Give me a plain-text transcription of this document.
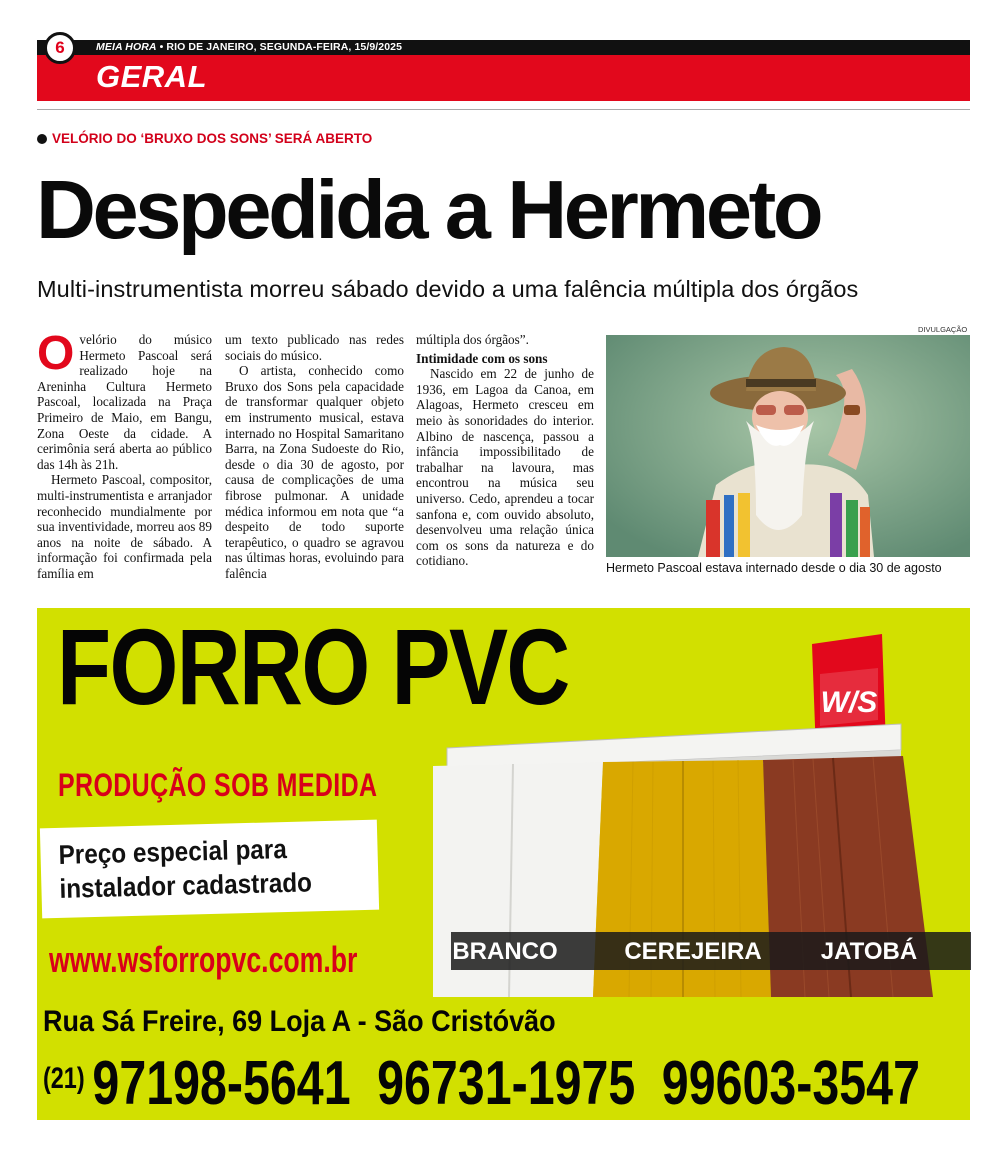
6	MEIA HORA • RIO DE JANEIRO, SEGUNDA-FEIRA, 15/9/2025
GERAL
VELÓRIO DO ‘BRUXO DOS SONS’ SERÁ ABERTO
Despedida a Hermeto
Multi-instrumentista morreu sábado devido a uma falência múltipla dos órgãos
O velório do músico Hermeto Pascoal será realizado hoje na Areninha Cultura Hermeto Pascoal, localizada na Praça Primeiro de Maio, em Bangu, Zona Oeste da cidade. A cerimônia será aberta ao público das 14h às 21h.

Hermeto Pascoal, compositor, multi-instrumentista e arranjador reconhecido mundialmente por sua inventividade, morreu aos 89 anos na noite de sábado. A informação foi confirmada pela família em

um texto publicado nas redes sociais do músico.

O artista, conhecido como Bruxo dos Sons pela capacidade de transformar qualquer objeto em instrumento musical, estava internado no Hospital Samaritano Barra, na Zona Sudoeste do Rio, desde o dia 30 de agosto, por causa de complicações de uma fibrose pulmonar. A unidade médica informou em nota que “a despeito de todo suporte terapêutico, o quadro se agravou nas últimas horas, evoluindo para falência

múltipla dos órgãos”.

Intimidade com os sons

Nascido em 22 de junho de 1936, em Lagoa da Canoa, em Alagoas, Hermeto cresceu em meio às sonoridades do interior. Albino de nascença, passou a infância impossibilitado de trabalhar na lavoura, mas encontrou na música seu universo. Cedo, aprendeu a tocar sanfona e, com ouvido absoluto, desenvolveu uma relação única com os sons da natureza e do cotidiano.

DIVULGAÇÃO
Hermeto Pascoal estava internado desde o dia 30 de agosto
FORRO PVC	W/S
PRODUÇÃO SOB MEDIDA
Preço especial para
instalador cadastrado
www.wsforropvc.com.br	BRANCO	CEREJEIRA JATOBÁ
Rua Sá Freire, 69 Loja A - São Cristóvão
$^{(21)}$ 97198-5641 96731-1975 99603-3547
